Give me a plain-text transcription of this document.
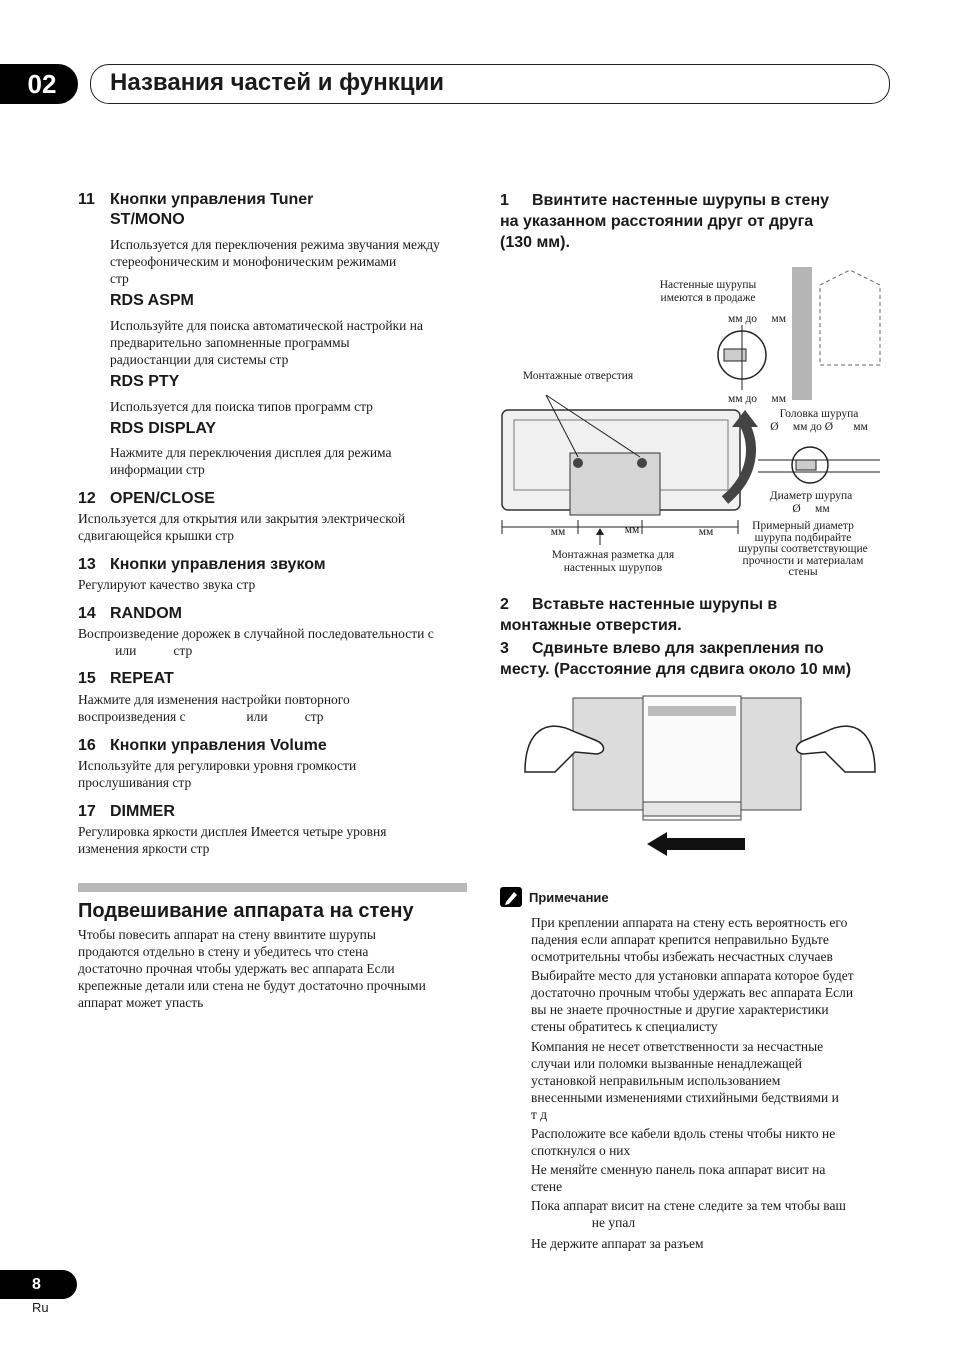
02	Названия частей и функции
11 Кнопки управления Tuner
ST/MONO
Используется для переключения режима звучания между
стереофоническим и монофоническим режимами
стр
RDS ASPM
Используйте для поиска автоматической настройки на
предварительно запомненные программы
радиостанции для системы стр
RDS PTY
Используется для поиска типов программ стр
RDS DISPLAY
Нажмите для переключения дисплея для режима
информации стр
12 OPEN/CLOSE
Используется для открытия или закрытия электрической
сдвигающейся крышки стр
13 Кнопки управления звуком
Регулируют качество звука стр
14 RANDOM
Воспроизведение дорожек в случайной последовательности с
или           стр
15 REPEAT
Нажмите для изменения настройки повторного
воспроизведения с                  или           стр
16 Кнопки управления Volume
Используйте для регулировки уровня громкости
прослушивания стр
17 DIMMER
Регулировка яркости дисплея Имеется четыре уровня
изменения яркости стр
Подвешивание аппарата на стену
Чтобы повесить аппарат на стену ввинтите шурупы
продаются отдельно в стену и убедитесь что стена
достаточно прочная чтобы удержать вес аппарата Если
крепежные детали или стена не будут достаточно прочными
аппарат может упасть
1 Ввинтите настенные шурупы в стену
на указанном расстоянии друг от друга
(130 мм).
Настенные шурупы
имеются в продаже
мм до     мм
Монтажные отверстия
мм до     мм
Головка шурупа
Ø     мм до Ø       мм
Диаметр шурупа
Ø     мм
мм	мм	мм
Монтажная разметка для
настенных шурупов
Примерный диаметр
шурупа подбирайте
шурупы соответствующие
прочности и материалам
стены
2 Вставьте настенные шурупы в
монтажные отверстия.
3 Сдвиньте влево для закрепления по
месту. (Расстояние для сдвига около 10 мм)
Примечание
При креплении аппарата на стену есть вероятность его
падения если аппарат крепится неправильно Будьте
осмотрительны чтобы избежать несчастных случаев
Выбирайте место для установки аппарата которое будет
достаточно прочным чтобы удержать вес аппарата Если
вы не знаете прочностные и другие характеристики
стены обратитесь к специалисту
Компания не несет ответственности за несчастные
случаи или поломки вызванные ненадлежащей
установкой неправильным использованием
внесенными изменениями стихийными бедствиями и
т д
Расположите все кабели вдоль стены чтобы никто не
споткнулся о них
Не меняйте сменную панель пока аппарат висит на
стене
Пока аппарат висит на стене следите за тем чтобы ваш
не упал
Не держите аппарат за разъем
8
Ru
